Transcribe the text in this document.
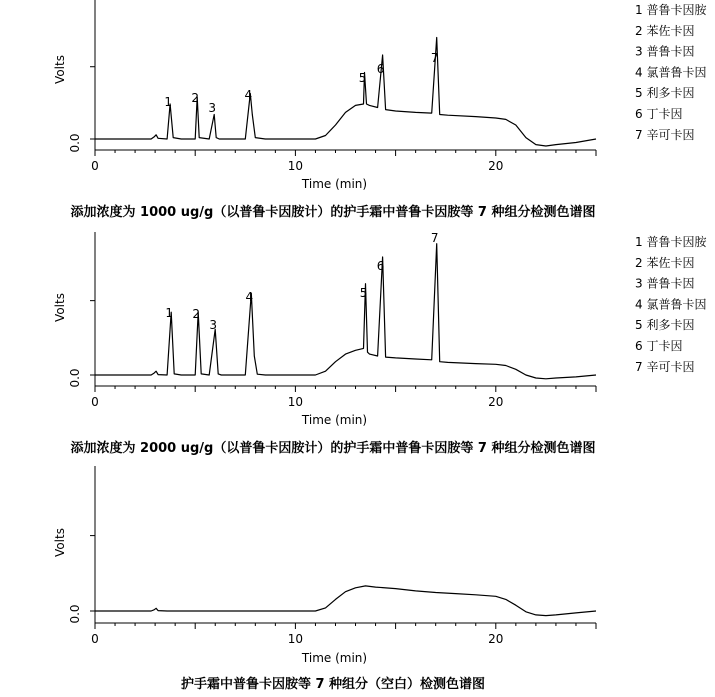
0	10	20
0.0
Time (min)
Volts
1 2
3
4
5
6
7
1 普鲁卡因胺
2 苯佐卡因
3 普鲁卡因
4 氯普鲁卡因
5 利多卡因
6 丁卡因
7 辛可卡因
添加浓度为 1000 ug/g（以普鲁卡因胺计）的护手霜中普鲁卡因胺等 7 种组分检测色谱图
0	10	20
0.0
Time (min)
Volts	1 2
3
4	5
6
7	1 普鲁卡因胺
2 苯佐卡因
3 普鲁卡因
4 氯普鲁卡因
5 利多卡因
6 丁卡因
7 辛可卡因
添加浓度为 2000 ug/g（以普鲁卡因胺计）的护手霜中普鲁卡因胺等 7 种组分检测色谱图
0	10	20
0.0
Time (min)
Volts
护手霜中普鲁卡因胺等 7 种组分（空白）检测色谱图
